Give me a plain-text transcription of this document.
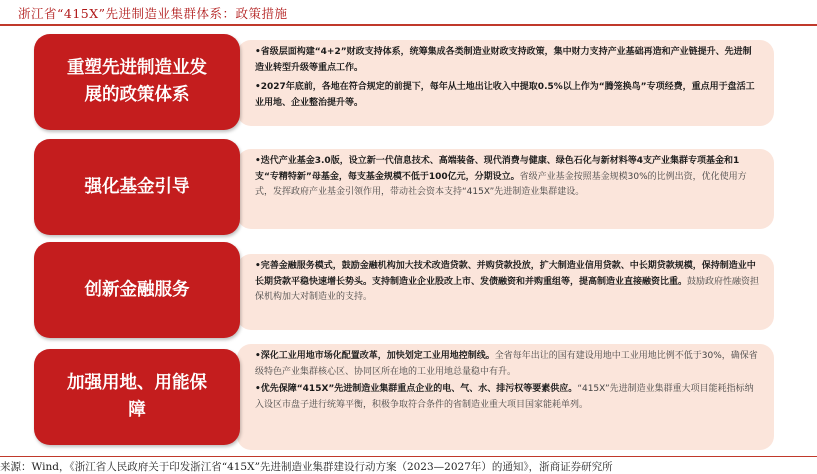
浙江省“415X”先进制造业集群体系：政策措施

•省级层面构建“4+2”财政支持体系，统筹集成各类制造业财政支持政策，集中财力支持产业基础再造和产业链提升、先进制造业转型升级等重点工作。

•2027年底前，各地在符合规定的前提下，每年从土地出让收入中提取0.5%以上作为“腾笼换鸟”专项经费，重点用于盘活工业用地、企业整治提升等。

重塑先进制造业发展的政策体系

•迭代产业基金3.0版，设立新一代信息技术、高端装备、现代消费与健康、绿色石化与新材料等4支产业集群专项基金和1支“专精特新”母基金，每支基金规模不低于100亿元，分期设立。省级产业基金按照基金规模30%的比例出资，优化使用方式，发挥政府产业基金引领作用，带动社会资本支持“415X”先进制造业集群建设。

强化基金引导

•完善金融服务模式，鼓励金融机构加大技术改造贷款、并购贷款投放，扩大制造业信用贷款、中长期贷款规模，保持制造业中长期贷款平稳快速增长势头。支持制造业企业股改上市、发债融资和并购重组等，提高制造业直接融资比重。鼓励政府性融资担保机构加大对制造业的支持。

创新金融服务

•深化工业用地市场化配置改革，加快划定工业用地控制线。全省每年出让的国有建设用地中工业用地比例不低于30%，确保省级特色产业集群核心区、协同区所在地的工业用地总量稳中有升。

•优先保障“415X”先进制造业集群重点企业的电、气、水、排污权等要素供应。“415X”先进制造业集群重大项目能耗指标纳入设区市盘子进行统筹平衡，积极争取符合条件的省制造业重大项目国家能耗单列。

加强用地、用能保障
来源：Wind，《浙江省人民政府关于印发浙江省“415X”先进制造业集群建设行动方案（2023—2027年）的通知》，浙商证券研究所
